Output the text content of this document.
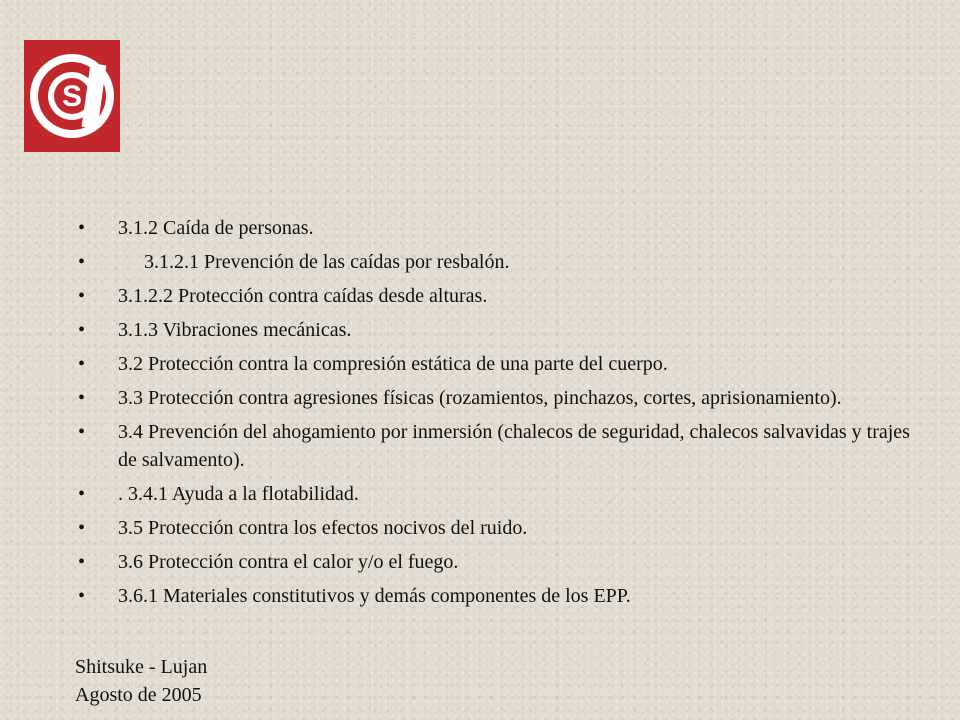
S
REPÚBLICA
ARGENTINA
•	3.1.2 Caída de personas.
•	3.1.2.1 Prevención de las caídas por resbalón.
•	3.1.2.2 Protección contra caídas desde alturas.
•	3.1.3 Vibraciones mecánicas.
•	3.2 Protección contra la compresión estática de una parte del cuerpo.
•	3.3 Protección contra agresiones físicas (rozamientos, pinchazos, cortes, aprisionamiento).
•	3.4 Prevención del ahogamiento por inmersión (chalecos de seguridad, chalecos salvavidas y trajes de salvamento).
•	. 3.4.1 Ayuda a la flotabilidad.
•	3.5 Protección contra los efectos nocivos del ruido.
•	3.6 Protección contra el calor y/o el fuego.
•	3.6.1 Materiales constitutivos y demás componentes de los EPP.
Shitsuke - Lujan
Agosto de 2005
